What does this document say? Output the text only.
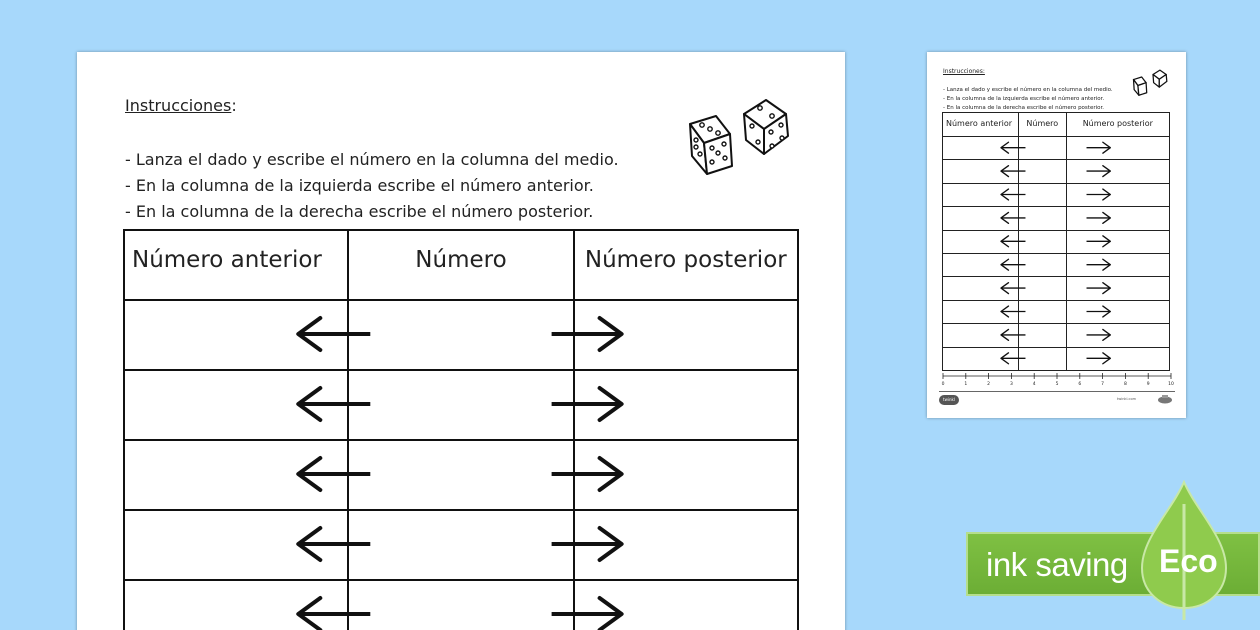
Instrucciones:
- Lanza el dado y escribe el número en la columna del medio.
- En la columna de la izquierda escribe el número anterior.
- En la columna de la derecha escribe el número posterior.
Número anterior	Número	Número posterior

Instrucciones:
- Lanza el dado y escribe el número en la columna del medio.
- En la columna de la izquierda escribe el número anterior.
- En la columna de la derecha escribe el número posterior.
Número anterior	Número	Número posterior

0	1	2	3	4	5	6	7	8	9	10
twinkl	twinkl.com
ink saving Eco
